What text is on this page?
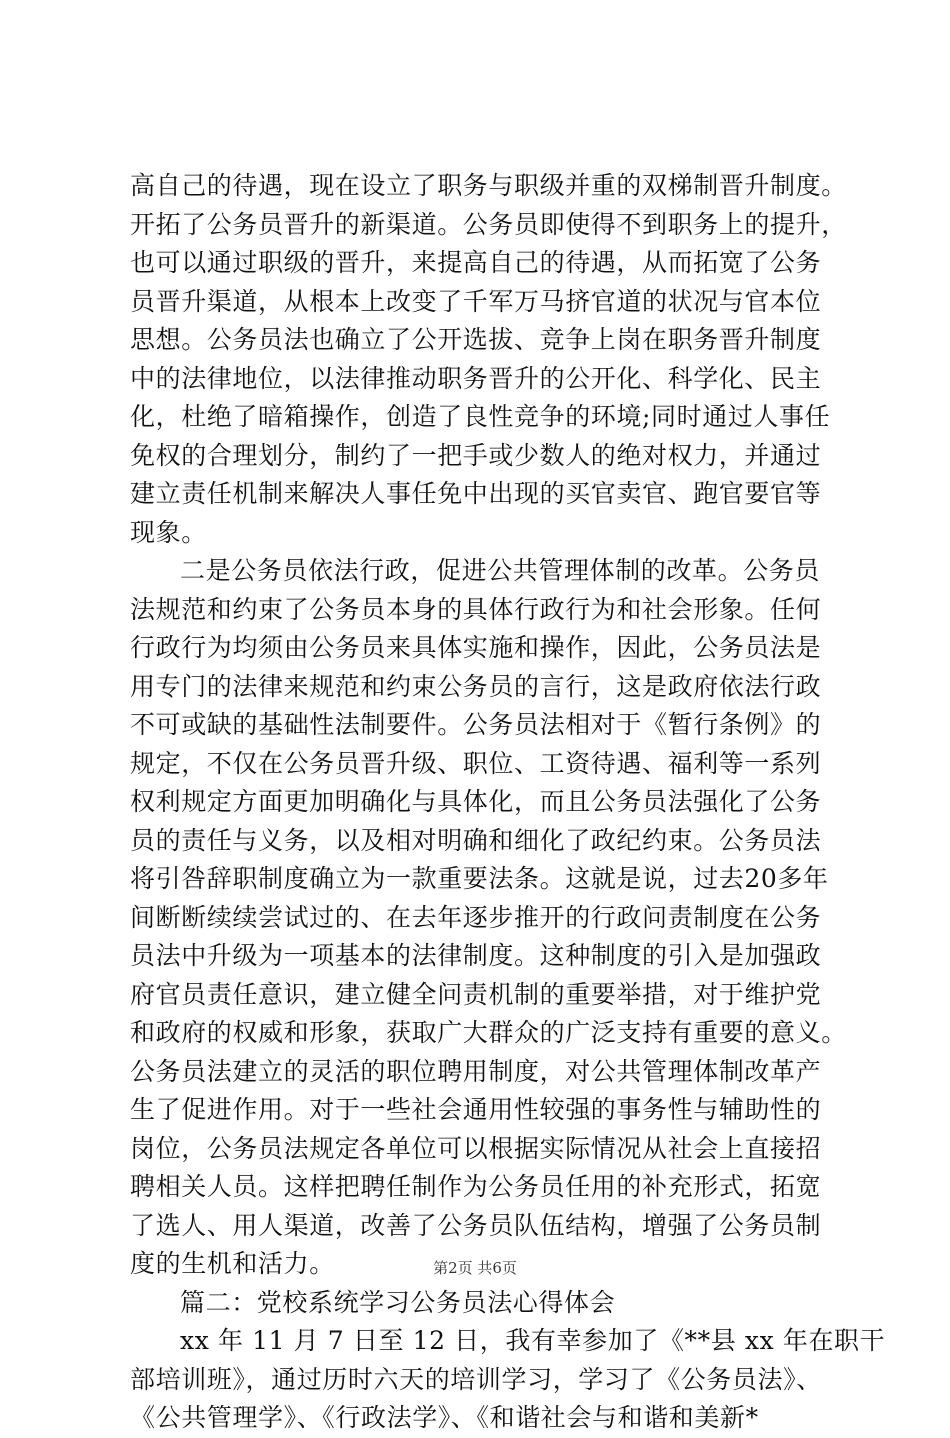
高自己的待遇，现在设立了职务与职级并重的双梯制晋升制度。
开拓了公务员晋升的新渠道。公务员即使得不到职务上的提升，
也可以通过职级的晋升，来提高自己的待遇，从而拓宽了公务
员晋升渠道，从根本上改变了千军万马挤官道的状况与官本位
思想。公务员法也确立了公开选拔、竞争上岗在职务晋升制度
中的法律地位，以法律推动职务晋升的公开化、科学化、民主
化，杜绝了暗箱操作，创造了良性竞争的环境;同时通过人事任
免权的合理划分，制约了一把手或少数人的绝对权力，并通过
建立责任机制来解决人事任免中出现的买官卖官、跑官要官等
现象。
二是公务员依法行政，促进公共管理体制的改革。公务员
法规范和约束了公务员本身的具体行政行为和社会形象。任何
行政行为均须由公务员来具体实施和操作，因此，公务员法是
用专门的法律来规范和约束公务员的言行，这是政府依法行政
不可或缺的基础性法制要件。公务员法相对于《暂行条例》的
规定，不仅在公务员晋升级、职位、工资待遇、福利等一系列
权利规定方面更加明确化与具体化，而且公务员法强化了公务
员的责任与义务，以及相对明确和细化了政纪约束。公务员法
将引咎辞职制度确立为一款重要法条。这就是说，过去20多年
间断断续续尝试过的、在去年逐步推开的行政问责制度在公务
员法中升级为一项基本的法律制度。这种制度的引入是加强政
府官员责任意识，建立健全问责机制的重要举措，对于维护党
和政府的权威和形象，获取广大群众的广泛支持有重要的意义。
公务员法建立的灵活的职位聘用制度，对公共管理体制改革产
生了促进作用。对于一些社会通用性较强的事务性与辅助性的
岗位，公务员法规定各单位可以根据实际情况从社会上直接招
聘相关人员。这样把聘任制作为公务员任用的补充形式，拓宽
了选人、用人渠道，改善了公务员队伍结构，增强了公务员制
度的生机和活力。
篇二：党校系统学习公务员法心得体会
xx 年 11 月 7 日至 12 日，我有幸参加了《**县 xx 年在职干
部培训班》，通过历时六天的培训学习，学习了《公务员法》、
《公共管理学》、《行政法学》、《和谐社会与和谐和美新*
第2页 共6页
